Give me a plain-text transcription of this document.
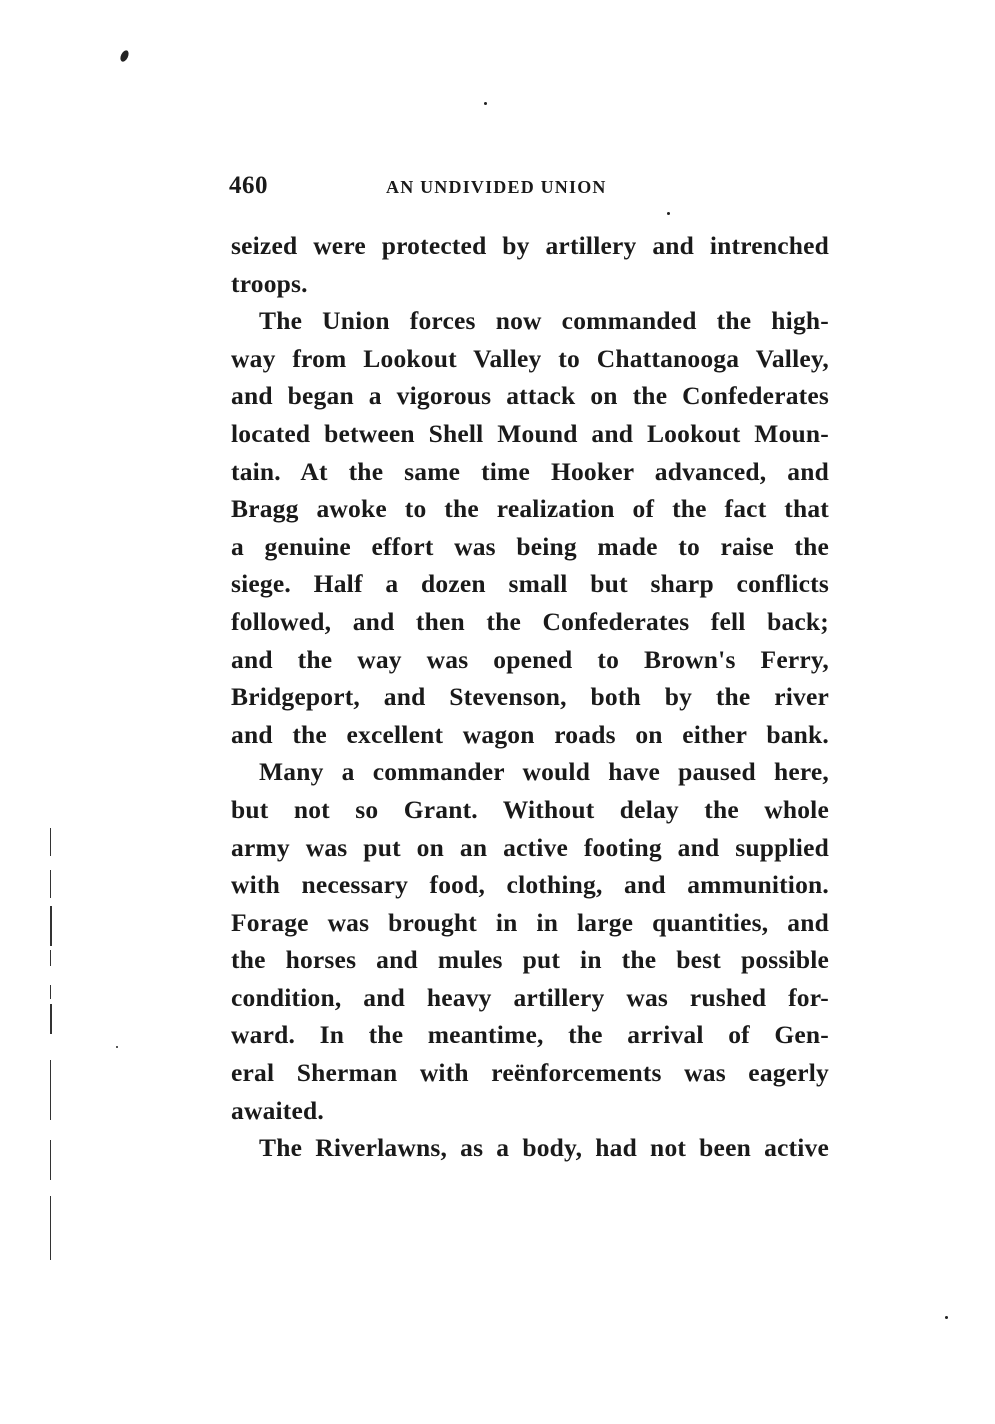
460	AN UNDIVIDED UNION
seized were protected by artillery and intrenched
troops.
The Union forces now commanded the high-
way from Lookout Valley to Chattanooga Valley,
and began a vigorous attack on the Confederates
located between Shell Mound and Lookout Moun-
tain. At the same time Hooker advanced, and
Bragg awoke to the realization of the fact that
a genuine effort was being made to raise the
siege. Half a dozen small but sharp conflicts
followed, and then the Confederates fell back;
and the way was opened to Brown's Ferry,
Bridgeport, and Stevenson, both by the river
and the excellent wagon roads on either bank.
Many a commander would have paused here,
but not so Grant. Without delay the whole
army was put on an active footing and supplied
with necessary food, clothing, and ammunition.
Forage was brought in in large quantities, and
the horses and mules put in the best possible
condition, and heavy artillery was rushed for-
ward. In the meantime, the arrival of Gen-
eral Sherman with reënforcements was eagerly
awaited.
The Riverlawns, as a body, had not been active
